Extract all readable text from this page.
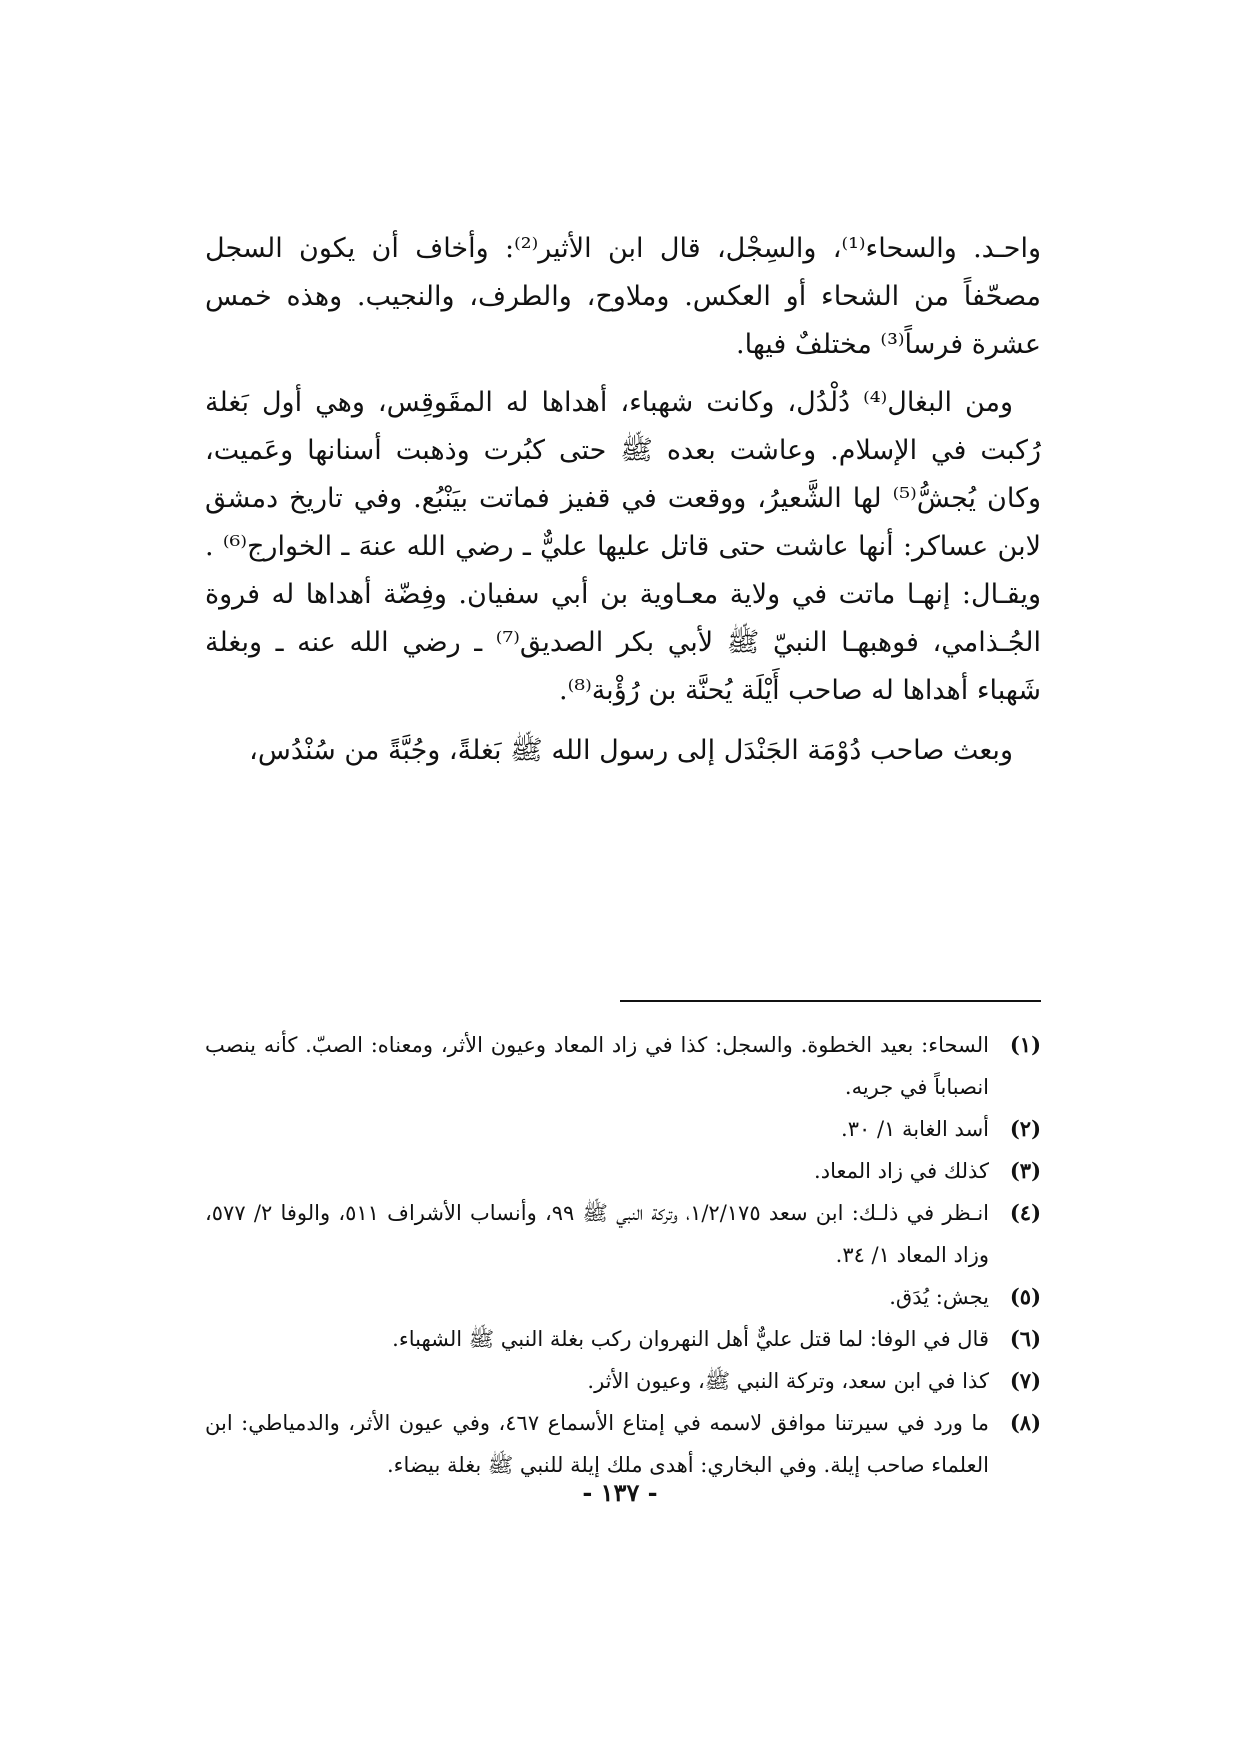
واحـد. والسحاء⁽¹⁾، والسِجْل، قال ابن الأثير⁽²⁾: وأخاف أن يكون السجل مصحّفاً من الشحاء أو العكس. وملاوح، والطرف، والنجيب. وهذه خمس عشرة فرساً⁽³⁾ مختلفٌ فيها.

ومن البغال⁽⁴⁾ دُلْدُل، وكانت شهباء، أهداها له المقَوقِس، وهي أول بَغلة رُكبت في الإسلام. وعاشت بعده ﷺ حتى كبُرت وذهبت أسنانها وعَميت، وكان يُجشُّ⁽⁵⁾ لها الشَّعيرُ، ووقعت في قفيز فماتت بيَنْبُع. وفي تاريخ دمشق لابن عساكر: أنها عاشت حتى قاتل عليها عليٌّ ـ رضي الله عنهَ ـ الخوارج⁽⁶⁾ . ويقـال: إنهـا ماتت في ولاية معـاوية بن أبي سفيان. وفِضّة أهداها له فروة الجُـذامي، فوهبهـا النبيّ ﷺ لأبي بكر الصديق⁽⁷⁾ ـ رضي الله عنه ـ وبغلة شَهباء أهداها له صاحب أَيْلَة يُحنَّة بن رُؤْبة⁽⁸⁾.

وبعث صاحب دُوْمَة الجَنْدَل إلى رسول الله ﷺ بَغلةً، وجُبَّةً من سُنْدُس،

(١)
السحاء: بعيد الخطوة. والسجل: كذا في زاد المعاد وعيون الأثر، ومعناه: الصبّ. كأنه ينصب انصباباً في جريه.
(٢)
أسد الغابة ١/ ٣٠.
(٣)
كذلك في زاد المعاد.
(٤)
انـظر في ذلـك: ابن سعد ١/٢/١٧٥، وتركة النبي ﷺ ٩٩، وأنساب الأشراف ٥١١، والوفا ٢/ ٥٧٧، وزاد المعاد ١/ ٣٤.
(٥)
يجش: يُدَق.
(٦)
قال في الوفا: لما قتل عليٌّ أهل النهروان ركب بغلة النبي ﷺ الشهباء.
(٧)
كذا في ابن سعد، وتركة النبي ﷺ، وعيون الأثر.
(٨)
ما ورد في سيرتنا موافق لاسمه في إمتاع الأسماع ٤٦٧، وفي عيون الأثر، والدمياطي: ابن العلماء صاحب إيلة. وفي البخاري: أهدى ملك إيلة للنبي ﷺ بغلة بيضاء.
- ١٣٧ -
